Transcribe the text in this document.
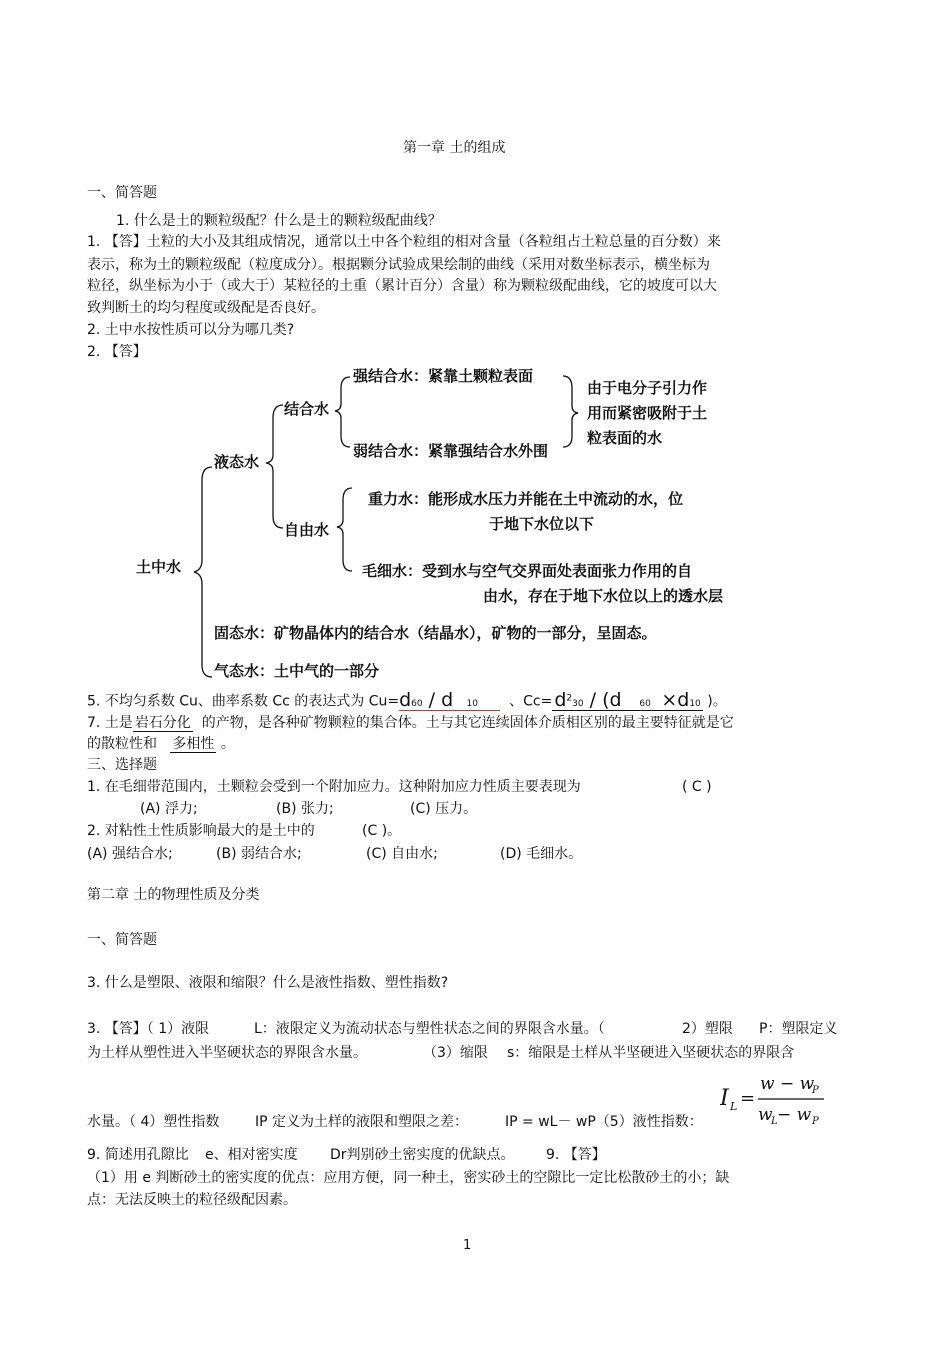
第一章 土的组成
一、简答题
1. 什么是土的颗粒级配？什么是土的颗粒级配曲线？
1. 【答】土粒的大小及其组成情况，通常以土中各个粒组的相对含量（各粒组占土粒总量的百分数）来
表示，称为土的颗粒级配（粒度成分）。根据颗分试验成果绘制的曲线（采用对数坐标表示，横坐标为
粒径，纵坐标为小于（或大于）某粒径的土重（累计百分）含量）称为颗粒级配曲线，它的坡度可以大
致判断土的均匀程度或级配是否良好。
2. 土中水按性质可以分为哪几类?
2. 【答】
土中水
液态水
结合水
强结合水：紧靠土颗粒表面
弱结合水：紧靠强结合水外围
由于电分子引力作
用而紧密吸附于土
粒表面的水
自由水
重力水：能形成水压力并能在土中流动的水，位
于地下水位以下
毛细水：受到水与空气交界面处表面张力作用的自
由水，存在于地下水位以上的透水层
固态水：矿物晶体内的结合水（结晶水），矿物的一部分，呈固态。
气态水：土中气的一部分
5. 不均匀系数 Cu、曲率系数 Cc 的表达式为 Cu=d60 / d 10 、$Cc= d^230 / (d$ 60  ×d10 )。
7. 土是 岩石分化 的产物，是各种矿物颗粒的集合体。土与其它连续固体介质相区别的最主要特征就是它
的散粒性和 多相性 。
三、选择题
1. 在毛细带范围内，土颗粒会受到一个附加应力。这种附加应力性质主要表现为	( C )
(A) 浮力;	(B) 张力;	(C) 压力。
2. 对粘性土性质影响最大的是土中的	(C )。
(A) 强结合水;	(B) 弱结合水;	(C) 自由水;	(D) 毛细水。
第二章 土的物理性质及分类
一、简答题
3. 什么是塑限、液限和缩限？什么是液性指数、塑性指数?
3. 【答】（ 1）液限	L：液限定义为流动状态与塑性状态之间的界限含水量。（	2）塑限 P：塑限定义
为土样从塑性进入半坚硬状态的界限含水量。	（3）缩限 s：缩限是土样从半坚硬进入坚硬状态的界限含
I L =
w − w
P
w
L − w P
水量。（ 4）塑性指数	IP 定义为土样的液限和塑限之差：	IP = wL－ wP（5）液性指数：
9. 简述用孔隙比 e、相对密实度 Dr判别砂土密实度的优缺点。 9. 【答】
（1）用 e 判断砂土的密实度的优点：应用方便，同一种土，密实砂土的空隙比一定比松散砂土的小；缺
点：无法反映土的粒径级配因素。
1
